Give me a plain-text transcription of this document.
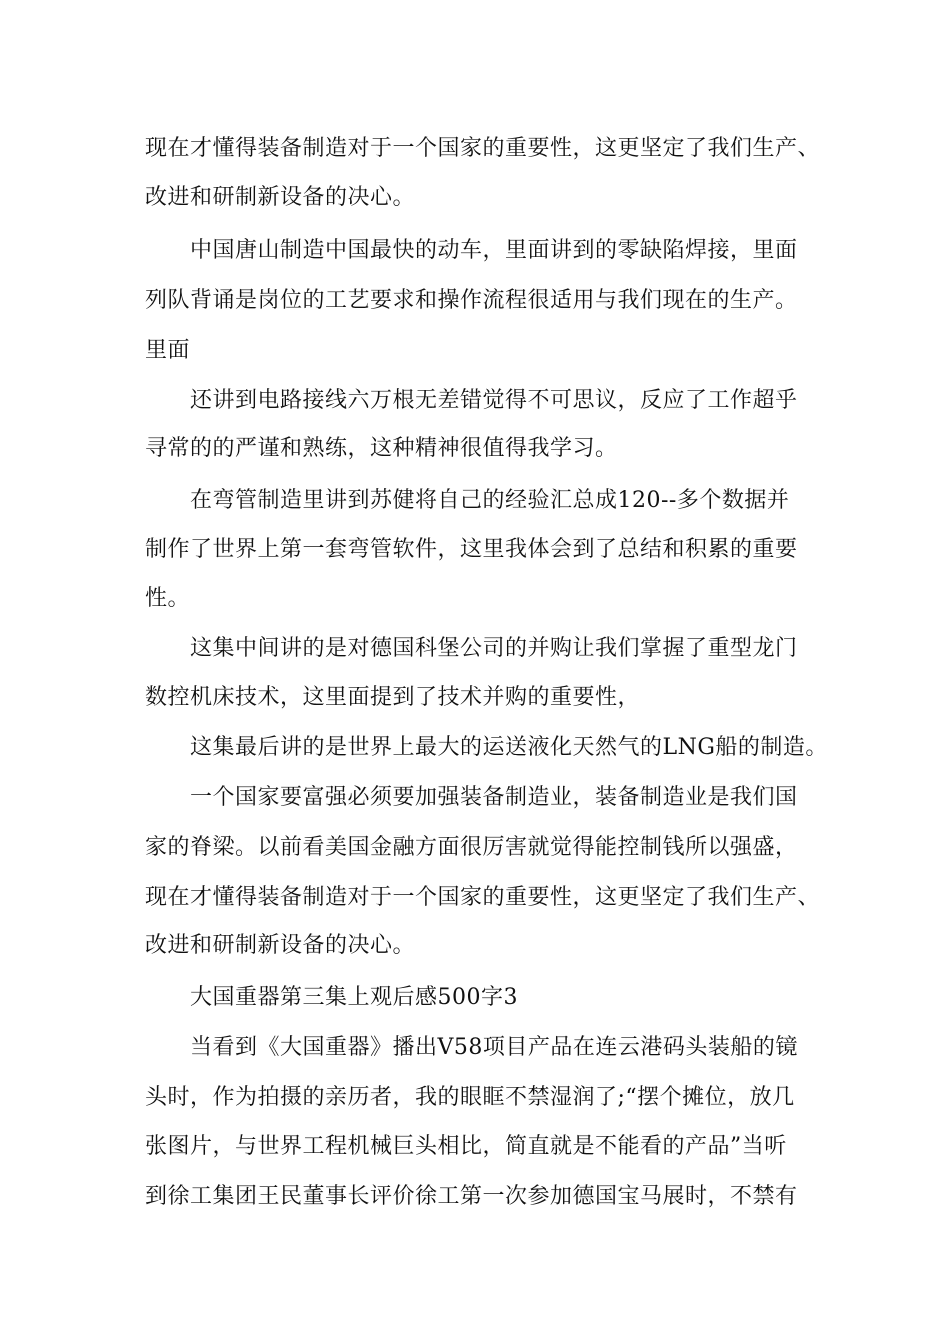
现在才懂得装备制造对于一个国家的重要性，这更坚定了我们生产、
改进和研制新设备的决心。
中国唐山制造中国最快的动车，里面讲到的零缺陷焊接，里面
列队背诵是岗位的工艺要求和操作流程很适用与我们现在的生产。
里面
还讲到电路接线六万根无差错觉得不可思议，反应了工作超乎
寻常的的严谨和熟练，这种精神很值得我学习。
在弯管制造里讲到苏健将自己的经验汇总成120--多个数据并
制作了世界上第一套弯管软件，这里我体会到了总结和积累的重要
性。
这集中间讲的是对德国科堡公司的并购让我们掌握了重型龙门
数控机床技术，这里面提到了技术并购的重要性，
这集最后讲的是世界上最大的运送液化天然气的LNG船的制造。
一个国家要富强必须要加强装备制造业，装备制造业是我们国
家的脊梁。以前看美国金融方面很厉害就觉得能控制钱所以强盛，
现在才懂得装备制造对于一个国家的重要性，这更坚定了我们生产、
改进和研制新设备的决心。
大国重器第三集上观后感500字3
当看到《大国重器》播出V58项目产品在连云港码头装船的镜
头时，作为拍摄的亲历者，我的眼眶不禁湿润了;“摆个摊位，放几
张图片，与世界工程机械巨头相比，简直就是不能看的产品”当听
到徐工集团王民董事长评价徐工第一次参加德国宝马展时，不禁有
